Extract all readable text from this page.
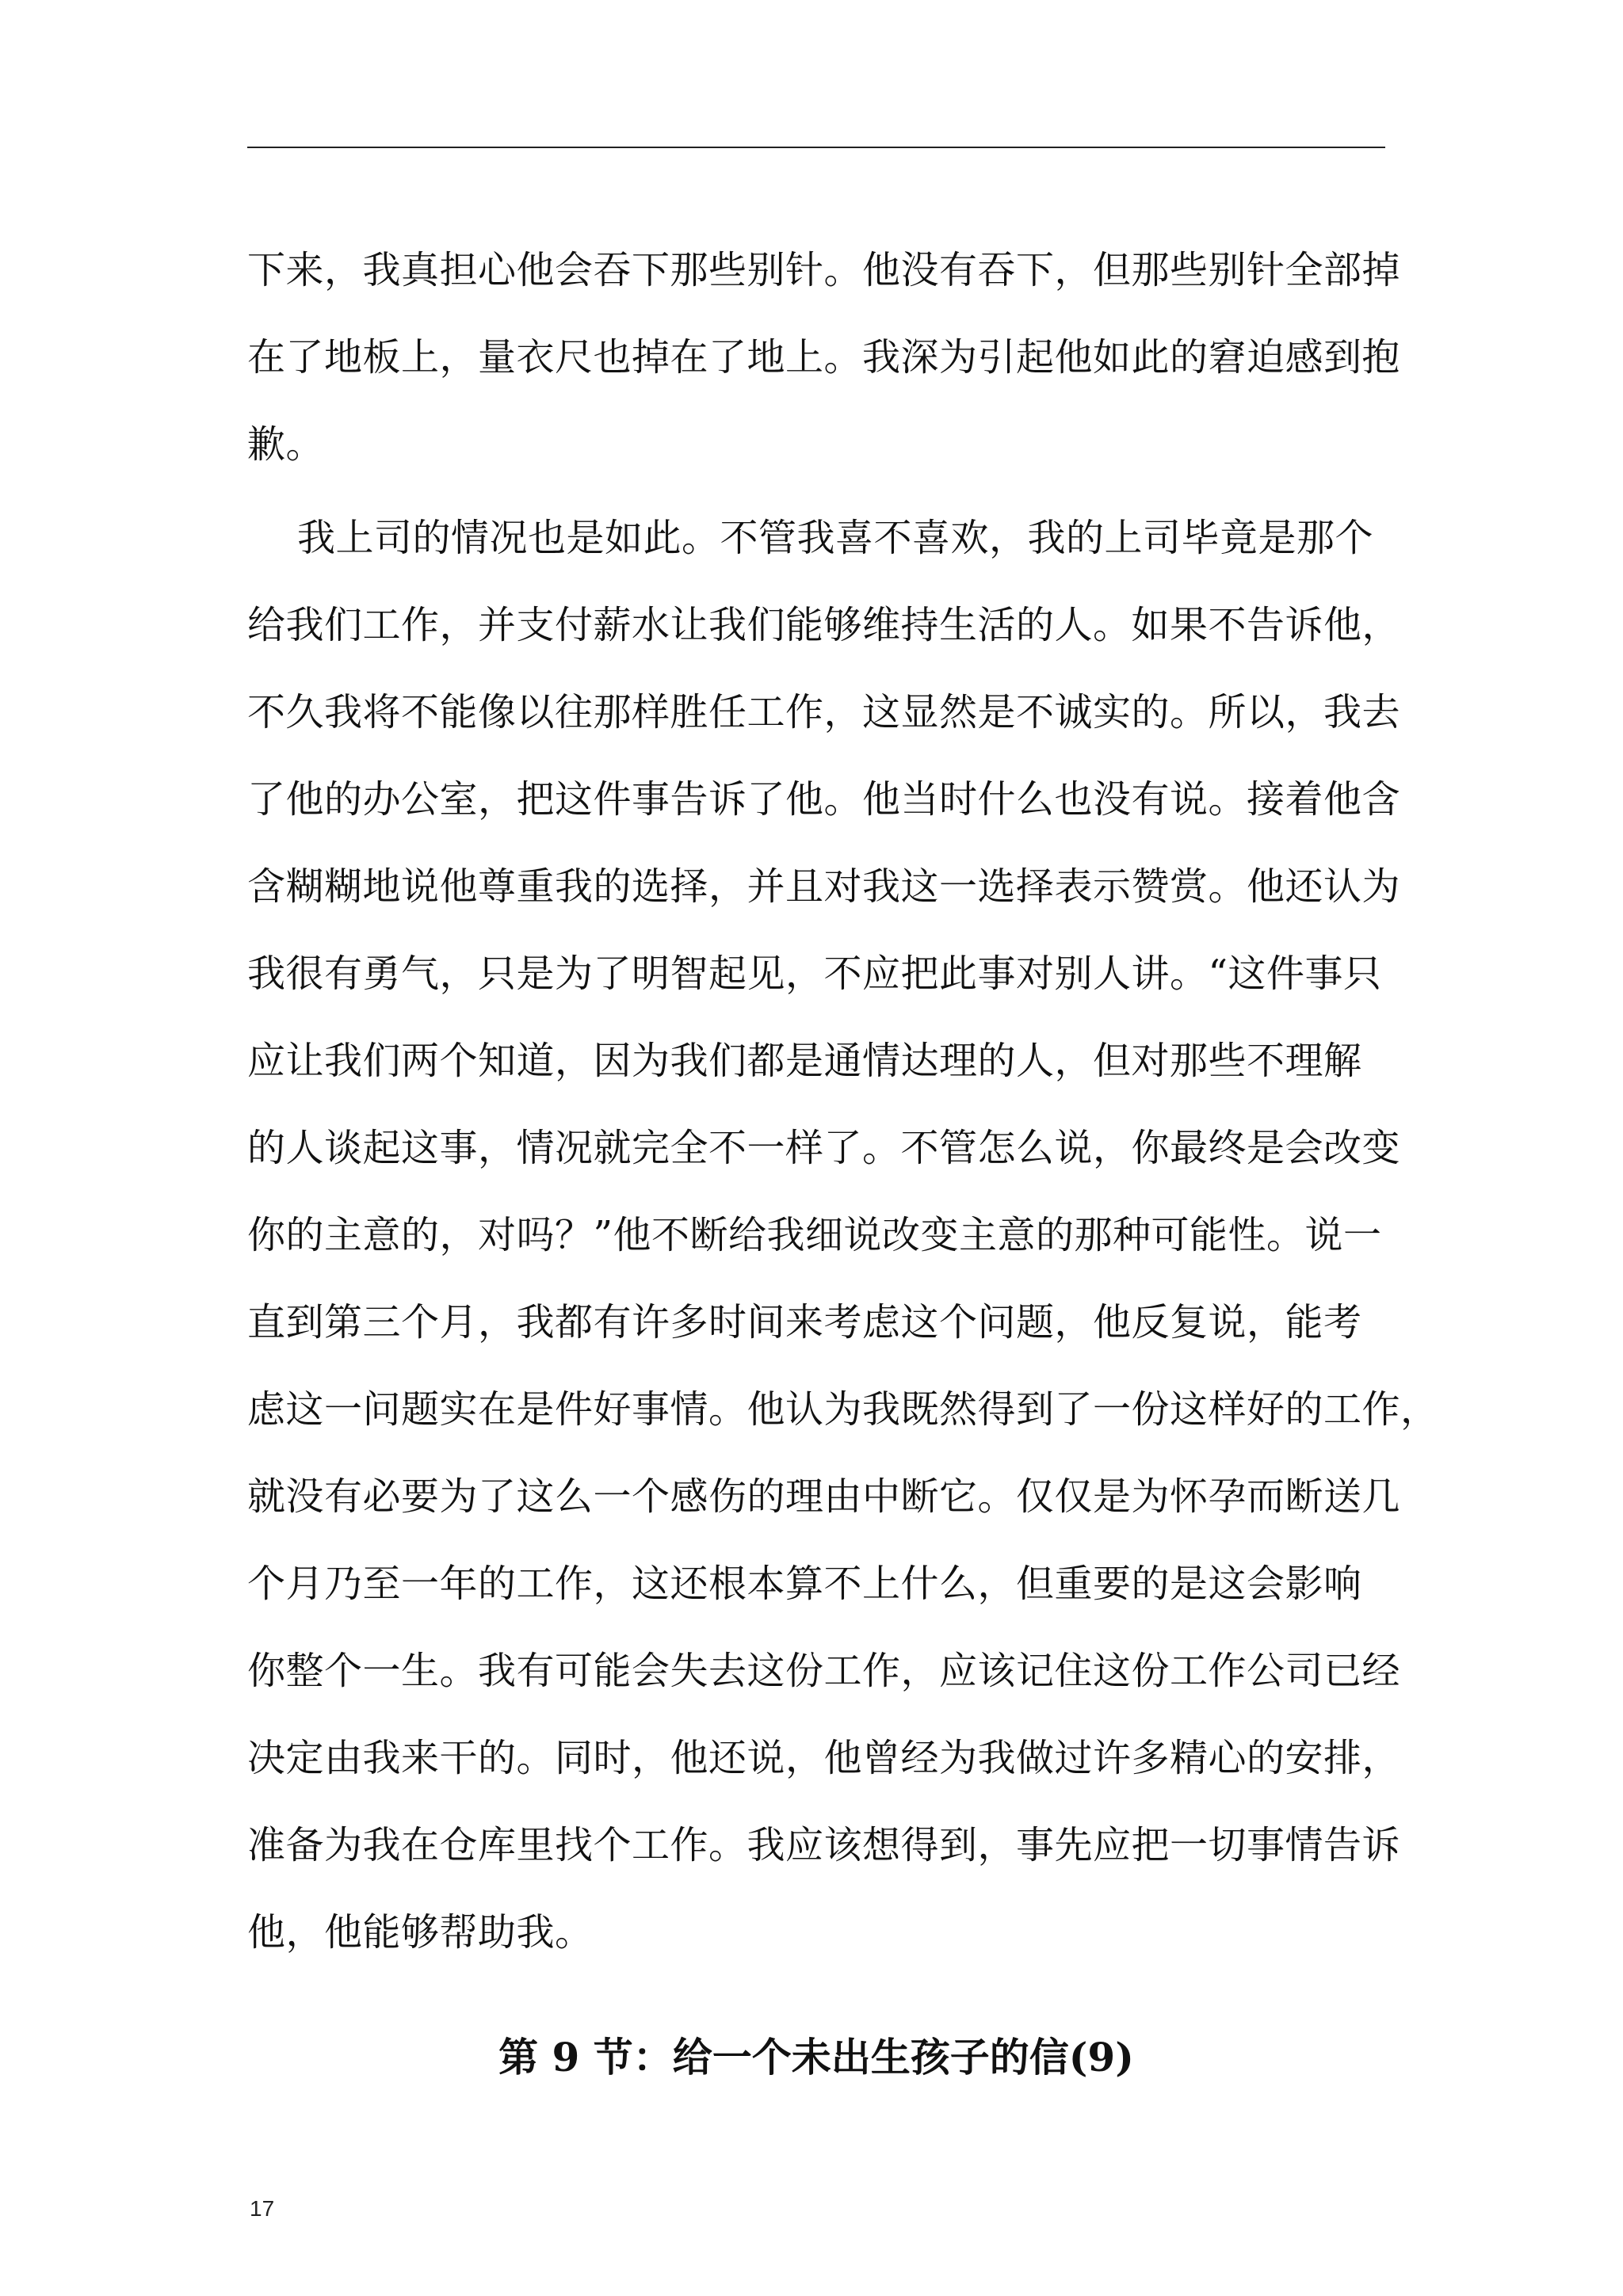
下来，我真担心他会吞下那些别针。他没有吞下，但那些别针全部掉
在了地板上，量衣尺也掉在了地上。我深为引起他如此的窘迫感到抱
歉。
我上司的情况也是如此。不管我喜不喜欢，我的上司毕竟是那个
给我们工作，并支付薪水让我们能够维持生活的人。如果不告诉他，
不久我将不能像以往那样胜任工作，这显然是不诚实的。所以，我去
了他的办公室，把这件事告诉了他。他当时什么也没有说。接着他含
含糊糊地说他尊重我的选择，并且对我这一选择表示赞赏。他还认为
我很有勇气，只是为了明智起见，不应把此事对别人讲。“这件事只
应让我们两个知道，因为我们都是通情达理的人，但对那些不理解
的人谈起这事，情况就完全不一样了。不管怎么说，你最终是会改变
你的主意的，对吗？”他不断给我细说改变主意的那种可能性。说一
直到第三个月，我都有许多时间来考虑这个问题，他反复说，能考
虑这一问题实在是件好事情。他认为我既然得到了一份这样好的工作，
就没有必要为了这么一个感伤的理由中断它。仅仅是为怀孕而断送几
个月乃至一年的工作，这还根本算不上什么，但重要的是这会影响
你整个一生。我有可能会失去这份工作，应该记住这份工作公司已经
决定由我来干的。同时，他还说，他曾经为我做过许多精心的安排，
准备为我在仓库里找个工作。我应该想得到，事先应把一切事情告诉
他，他能够帮助我。
第 9 节：给一个未出生孩子的信(9)
17
